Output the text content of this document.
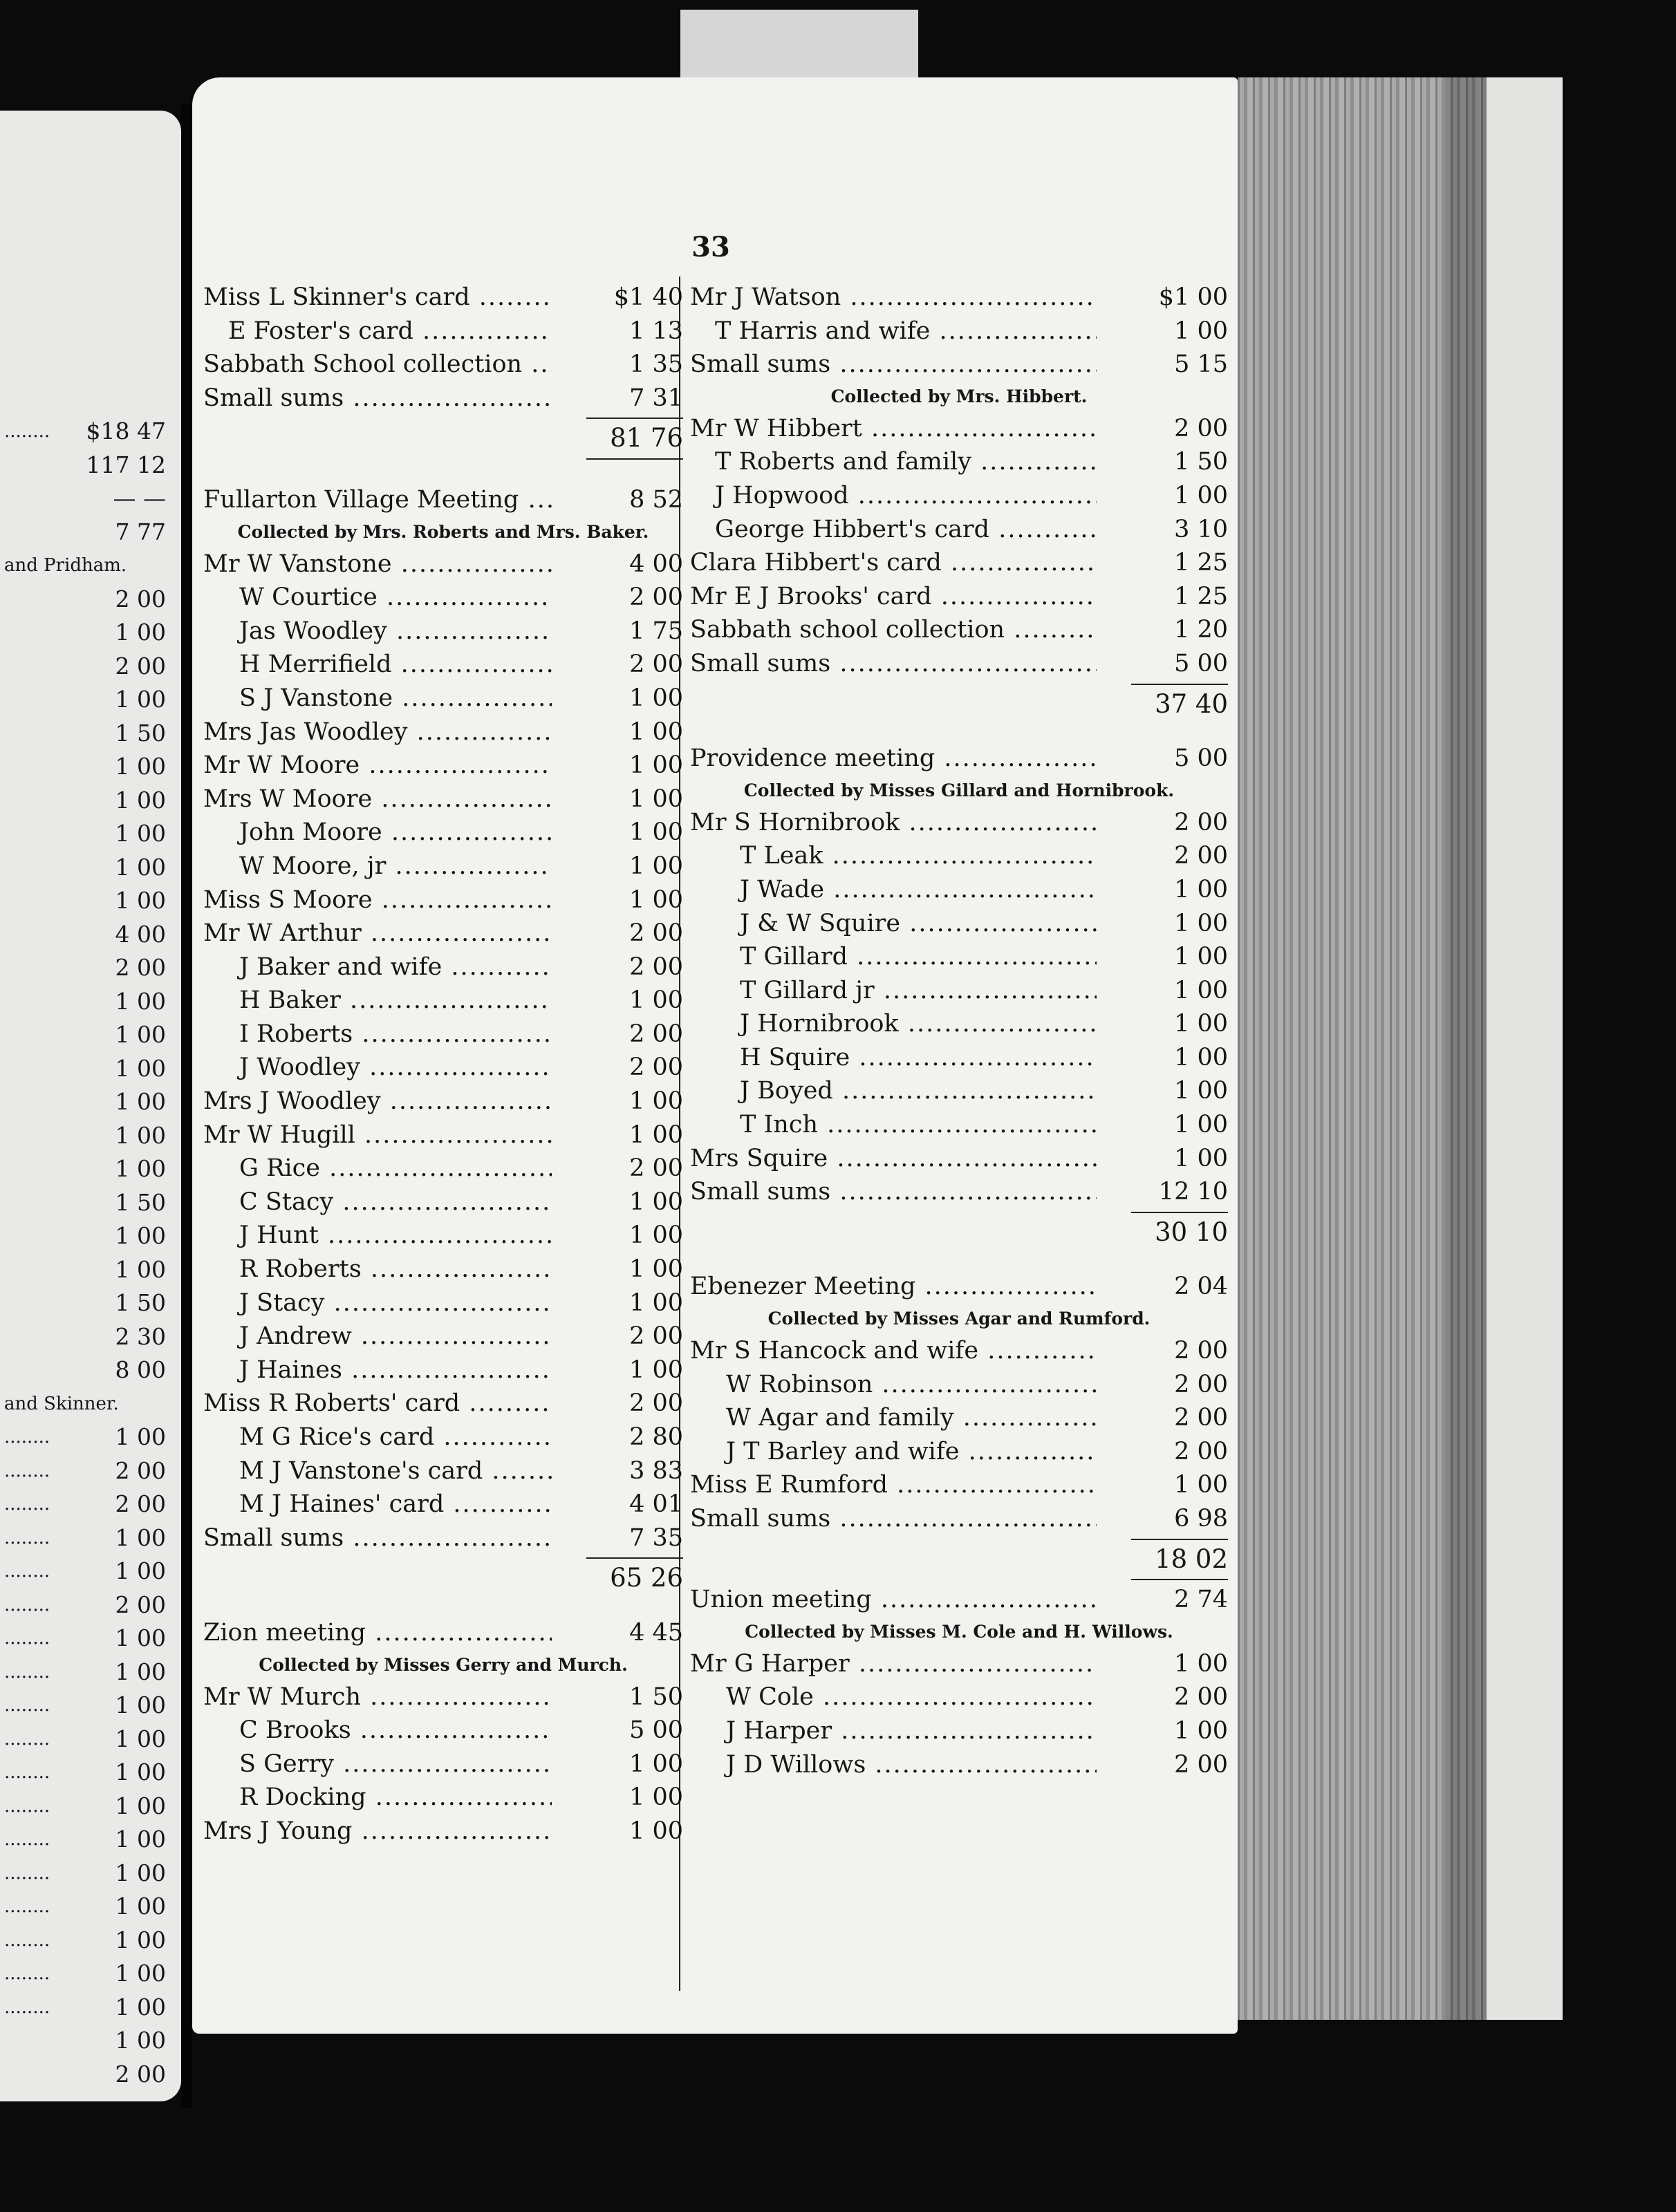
........ $18 47
117 12
— —
7 77
and Pridham.
2 00
1 00
2 00
1 00
1 50
1 00
1 00
1 00
1 00
1 00
4 00
2 00
1 00
1 00
1 00
1 00
1 00
1 00
1 50
1 00
1 00
1 50
2 30
8 00
and Skinner.
........	1 00
........	2 00
........	2 00
........	1 00
........	1 00
........	2 00
........	1 00
........	1 00
........	1 00
........	1 00
........	1 00
........	1 00
........	1 00
........	1 00
........	1 00
........	1 00
........	1 00
........	1 00
1 00
2 00
33
Miss L Skinner's card .....	$1 40
E Foster's card .....	1 13
Sabbath School collection .....	1 35
Small sums .....	7 31
81 76
Fullarton Village Meeting .....	8 52
Collected by Mrs. Roberts and Mrs. Baker.
Mr W Vanstone .....	4 00
W Courtice .....	2 00
Jas Woodley .....	1 75
H Merrifield .....	2 00
S J Vanstone .....	1 00
Mrs Jas Woodley .....	1 00
Mr W Moore .....	1 00
Mrs W Moore .....	1 00
John Moore .....	1 00
W Moore, jr .....	1 00
Miss S Moore .....	1 00
Mr W Arthur .....	2 00
J Baker and wife .....	2 00
H Baker .....	1 00
I Roberts .....	2 00
J Woodley .....	2 00
Mrs J Woodley .....	1 00
Mr W Hugill .....	1 00
G Rice .....	2 00
C Stacy .....	1 00
J Hunt .....	1 00
R Roberts .....	1 00
J Stacy .....	1 00
J Andrew .....	2 00
J Haines .....	1 00
Miss R Roberts' card .....	2 00
M G Rice's card .....	2 80
M J Vanstone's card .....	3 83
M J Haines' card .....	4 01
Small sums .....	7 35
65 26
Zion meeting .....	4 45
Collected by Misses Gerry and Murch.
Mr W Murch .....	1 50
C Brooks .....	5 00
S Gerry .....	1 00
R Docking .....	1 00
Mrs J Young .....	1 00
Mr J Watson .....	$1 00
T Harris and wife .....	1 00
Small sums .....	5 15
Collected by Mrs. Hibbert.
Mr W Hibbert .....	2 00
T Roberts and family .....	1 50
J Hopwood .....	1 00
George Hibbert's card .....	3 10
Clara Hibbert's card .....	1 25
Mr E J Brooks' card .....	1 25
Sabbath school collection .....	1 20
Small sums .....	5 00
37 40
Providence meeting .....	5 00
Collected by Misses Gillard and Hornibrook.
Mr S Hornibrook .....	2 00
T Leak .....	2 00
J Wade .....	1 00
J & W Squire .....	1 00
T Gillard .....	1 00
T Gillard jr .....	1 00
J Hornibrook .....	1 00
H Squire .....	1 00
J Boyed .....	1 00
T Inch .....	1 00
Mrs Squire .....	1 00
Small sums .....	12 10
30 10
Ebenezer Meeting .....	2 04
Collected by Misses Agar and Rumford.
Mr S Hancock and wife .....	2 00
W Robinson .....	2 00
W Agar and family .....	2 00
J T Barley and wife .....	2 00
Miss E Rumford .....	1 00
Small sums .....	6 98
18 02
Union meeting .....	2 74
Collected by Misses M. Cole and H. Willows.
Mr G Harper .....	1 00
W Cole .....	2 00
J Harper .....	1 00
J D Willows .....	2 00
